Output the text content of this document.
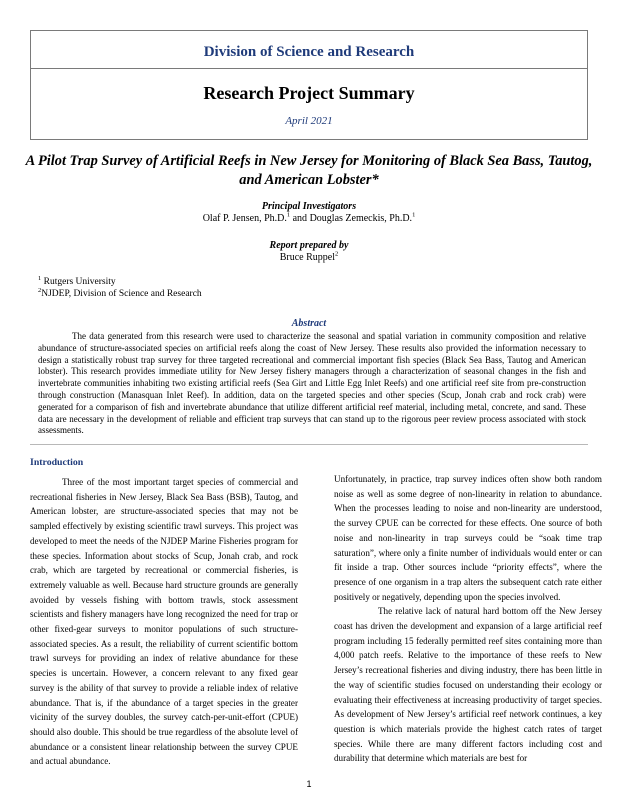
Division of Science and Research
Research Project Summary
April 2021
A Pilot Trap Survey of Artificial Reefs in New Jersey for Monitoring of Black Sea Bass, Tautog, and American Lobster*
Principal Investigators
Olaf P. Jensen, Ph.D.$^1$ and Douglas Zemeckis, Ph.D.$^1$
Report prepared by
Bruce Ruppel$^2$
$^1$ Rutgers University
$^2$NJDEP, Division of Science and Research
Abstract

The data generated from this research were used to characterize the seasonal and spatial variation in community composition and relative abundance of structure-associated species on artificial reefs along the coast of New Jersey. These results also provided the information necessary to design a statistically robust trap survey for three targeted recreational and commercial important fish species (Black Sea Bass, Tautog and American lobster). This research provides immediate utility for New Jersey fishery managers through a characterization of seasonal changes in the fish and invertebrate communities inhabiting two existing artificial reefs (Sea Girt and Little Egg Inlet Reefs) and one artificial reef site from pre-construction through construction (Manasquan Inlet Reef). In addition, data on the targeted species and other species (Scup, Jonah crab and rock crab) were generated for a comparison of fish and invertebrate abundance that utilize different artificial reef material, including metal, concrete, and sand. These data are necessary in the development of reliable and efficient trap surveys that can stand up to the rigorous peer review process associated with stock assessments.

Introduction

Three of the most important target species of commercial and recreational fisheries in New Jersey, Black Sea Bass (BSB), Tautog, and American lobster, are structure-associated species that may not be sampled effectively by existing scientific trawl surveys. This project was developed to meet the needs of the NJDEP Marine Fisheries program for these species. Information about stocks of Scup, Jonah crab, and rock crab, which are targeted by recreational or commercial fisheries, is extremely valuable as well. Because hard structure grounds are generally avoided by vessels fishing with bottom trawls, stock assessment scientists and fishery managers have long recognized the need for trap or other fixed-gear surveys to monitor populations of such structure-associated species. As a result, the reliability of current scientific bottom trawl surveys for providing an index of relative abundance for these species is uncertain. However, a concern relevant to any fixed gear survey is the ability of that survey to provide a reliable index of relative abundance. That is, if the abundance of a target species in the greater vicinity of the survey doubles, the survey catch-per-unit-effort (CPUE) should also double. This should be true regardless of the absolute level of abundance or a consistent linear relationship between the survey CPUE and actual abundance.

Unfortunately, in practice, trap survey indices often show both random noise as well as some degree of non-linearity in relation to abundance. When the processes leading to noise and non-linearity are understood, the survey CPUE can be corrected for these effects. One source of both noise and non-linearity in trap surveys could be “soak time trap saturation”, where only a finite number of individuals would enter or can fit inside a trap. Other sources include “priority effects”, where the presence of one organism in a trap alters the subsequent catch rate either positively or negatively, depending upon the species involved.

The relative lack of natural hard bottom off the New Jersey coast has driven the development and expansion of a large artificial reef program including 15 federally permitted reef sites containing more than 4,000 patch reefs. Relative to the importance of these reefs to New Jersey’s recreational fisheries and diving industry, there has been little in the way of scientific studies focused on understanding their ecology or evaluating their effectiveness at increasing productivity of target species. As development of New Jersey’s artificial reef network continues, a key question is which materials provide the highest catch rates of target species. While there are many different factors including cost and durability that determine which materials are best for

1
